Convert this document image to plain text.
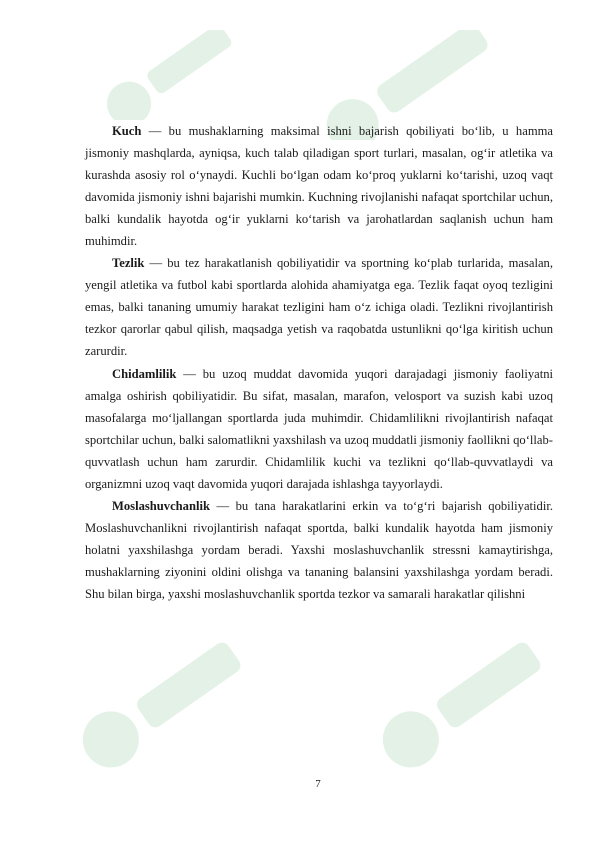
Kuch — bu mushaklarning maksimal ishni bajarish qobiliyati bo‘lib, u hamma jismoniy mashqlarda, ayniqsa, kuch talab qiladigan sport turlari, masalan, og‘ir atletika va kurashda asosiy rol o‘ynaydi. Kuchli bo‘lgan odam ko‘proq yuklarni ko‘tarishi, uzoq vaqt davomida jismoniy ishni bajarishi mumkin. Kuchning rivojlanishi nafaqat sportchilar uchun, balki kundalik hayotda og‘ir yuklarni ko‘tarish va jarohatlardan saqlanish uchun ham muhimdir.

Tezlik — bu tez harakatlanish qobiliyatidir va sportning ko‘plab turlarida, masalan, yengil atletika va futbol kabi sportlarda alohida ahamiyatga ega. Tezlik faqat oyoq tezligini emas, balki tananing umumiy harakat tezligini ham o‘z ichiga oladi. Tezlikni rivojlantirish tezkor qarorlar qabul qilish, maqsadga yetish va raqobatda ustunlikni qo‘lga kiritish uchun zarurdir.

Chidamlilik — bu uzoq muddat davomida yuqori darajadagi jismoniy faoliyatni amalga oshirish qobiliyatidir. Bu sifat, masalan, marafon, velosport va suzish kabi uzoq masofalarga mo‘ljallangan sportlarda juda muhimdir. Chidamlilikni rivojlantirish nafaqat sportchilar uchun, balki salomatlikni yaxshilash va uzoq muddatli jismoniy faollikni qo‘llab-quvvatlash uchun ham zarurdir. Chidamlilik kuchi va tezlikni qo‘llab-quvvatlaydi va organizmni uzoq vaqt davomida yuqori darajada ishlashga tayyorlaydi.

Moslashuvchanlik — bu tana harakatlarini erkin va to‘g‘ri bajarish qobiliyatidir. Moslashuvchanlikni rivojlantirish nafaqat sportda, balki kundalik hayotda ham jismoniy holatni yaxshilashga yordam beradi. Yaxshi moslashuvchanlik stressni kamaytirishga, mushaklarning ziyonini oldini olishga va tananing balansini yaxshilashga yordam beradi. Shu bilan birga, yaxshi moslashuvchanlik sportda tezkor va samarali harakatlar qilishni

7
